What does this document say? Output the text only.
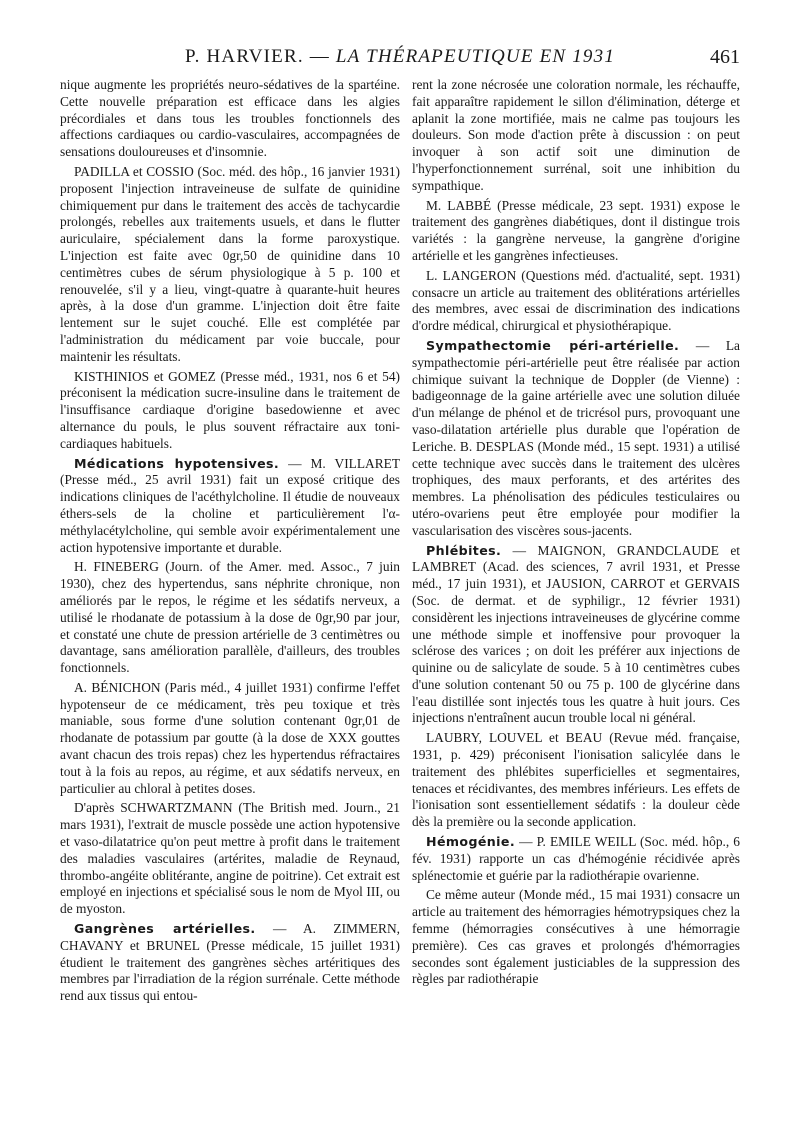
P. HARVIER. — LA THÉRAPEUTIQUE EN 1931	461

nique augmente les propriétés neuro-sédatives de la spartéine. Cette nouvelle préparation est efficace dans les algies précordiales et dans tous les troubles fonctionnels des affections cardiaques ou cardio-vasculaires, accompagnées de sensations douloureuses et d'insomnie.

PADILLA et COSSIO (Soc. méd. des hôp., 16 janvier 1931) proposent l'injection intraveineuse de sulfate de quinidine chimiquement pur dans le traitement des accès de tachycardie prolongés, rebelles aux traitements usuels, et dans le flutter auriculaire, spécialement dans la forme paroxystique. L'injection est faite avec 0gr,50 de quinidine dans 10 centimètres cubes de sérum physiologique à 5 p. 100 et renouvelée, s'il y a lieu, vingt-quatre à quarante-huit heures après, à la dose d'un gramme. L'injection doit être faite lentement sur le sujet couché. Elle est complétée par l'administration du médicament par voie buccale, pour maintenir les résultats.

KISTHINIOS et GOMEZ (Presse méd., 1931, nos 6 et 54) préconisent la médication sucre-insuline dans le traitement de l'insuffisance cardiaque d'origine basedowienne et avec alternance du pouls, le plus souvent réfractaire aux toni-cardiaques habituels.

Médications hypotensives. — M. VILLARET (Presse méd., 25 avril 1931) fait un exposé critique des indications cliniques de l'acéthylcholine. Il étudie de nouveaux éthers-sels de la choline et particulièrement l'α-méthylacétylcholine, qui semble avoir expérimentalement une action hypotensive importante et durable.

H. FINEBERG (Journ. of the Amer. med. Assoc., 7 juin 1930), chez des hypertendus, sans néphrite chronique, non améliorés par le repos, le régime et les sédatifs nerveux, a utilisé le rhodanate de potassium à la dose de 0gr,90 par jour, et constaté une chute de pression artérielle de 3 centimètres ou davantage, sans amélioration parallèle, d'ailleurs, des troubles fonctionnels.

A. BÉNICHON (Paris méd., 4 juillet 1931) confirme l'effet hypotenseur de ce médicament, très peu toxique et très maniable, sous forme d'une solution contenant 0gr,01 de rhodanate de potassium par goutte (à la dose de XXX gouttes avant chacun des trois repas) chez les hypertendus réfractaires tout à la fois au repos, au régime, et aux sédatifs nerveux, en particulier au chloral à petites doses.

D'après SCHWARTZMANN (The British med. Journ., 21 mars 1931), l'extrait de muscle possède une action hypotensive et vaso-dilatatrice qu'on peut mettre à profit dans le traitement des maladies vasculaires (artérites, maladie de Reynaud, thrombo-angéite oblitérante, angine de poitrine). Cet extrait est employé en injections et spécialisé sous le nom de Myol III, ou de myoston.

Gangrènes artérielles. — A. ZIMMERN, CHAVANY et BRUNEL (Presse médicale, 15 juillet 1931) étudient le traitement des gangrènes sèches artéritiques des membres par l'irradiation de la région surrénale. Cette méthode rend aux tissus qui entou-

rent la zone nécrosée une coloration normale, les réchauffe, fait apparaître rapidement le sillon d'élimination, déterge et aplanit la zone mortifiée, mais ne calme pas toujours les douleurs. Son mode d'action prête à discussion : on peut invoquer à son actif soit une diminution de l'hyperfonctionnement surrénal, soit une inhibition du sympathique.

M. LABBÉ (Presse médicale, 23 sept. 1931) expose le traitement des gangrènes diabétiques, dont il distingue trois variétés : la gangrène nerveuse, la gangrène d'origine artérielle et les gangrènes infectieuses.

L. LANGERON (Questions méd. d'actualité, sept. 1931) consacre un article au traitement des oblitérations artérielles des membres, avec essai de discrimination des indications d'ordre médical, chirurgical et physiothérapique.

Sympathectomie péri-artérielle. — La sympathectomie péri-artérielle peut être réalisée par action chimique suivant la technique de Doppler (de Vienne) : badigeonnage de la gaine artérielle avec une solution diluée d'un mélange de phénol et de tricrésol purs, provoquant une vaso-dilatation artérielle plus durable que l'opération de Leriche. B. DESPLAS (Monde méd., 15 sept. 1931) a utilisé cette technique avec succès dans le traitement des ulcères trophiques, des maux perforants, et des artérites des membres. La phénolisation des pédicules testiculaires ou utéro-ovariens peut être employée pour modifier la vascularisation des viscères sous-jacents.

Phlébites. — MAIGNON, GRANDCLAUDE et LAMBRET (Acad. des sciences, 7 avril 1931, et Presse méd., 17 juin 1931), et JAUSION, CARROT et GERVAIS (Soc. de dermat. et de syphiligr., 12 février 1931) considèrent les injections intraveineuses de glycérine comme une méthode simple et inoffensive pour provoquer la sclérose des varices ; on doit les préférer aux injections de quinine ou de salicylate de soude. 5 à 10 centimètres cubes d'une solution contenant 50 ou 75 p. 100 de glycérine dans l'eau distillée sont injectés tous les quatre à huit jours. Ces injections n'entraînent aucun trouble local ni général.

LAUBRY, LOUVEL et BEAU (Revue méd. française, 1931, p. 429) préconisent l'ionisation salicylée dans le traitement des phlébites superficielles et segmentaires, tenaces et récidivantes, des membres inférieurs. Les effets de l'ionisation sont essentiellement sédatifs : la douleur cède dès la première ou la seconde application.

Hémogénie. — P. EMILE WEILL (Soc. méd. hôp., 6 fév. 1931) rapporte un cas d'hémogénie récidivée après splénectomie et guérie par la radiothérapie ovarienne.

Ce même auteur (Monde méd., 15 mai 1931) consacre un article au traitement des hémorragies hémotrypsiques chez la femme (hémorragies consécutives à une hémorragie première). Ces cas graves et prolongés d'hémorragies secondes sont également justiciables de la suppression des règles par radiothérapie
